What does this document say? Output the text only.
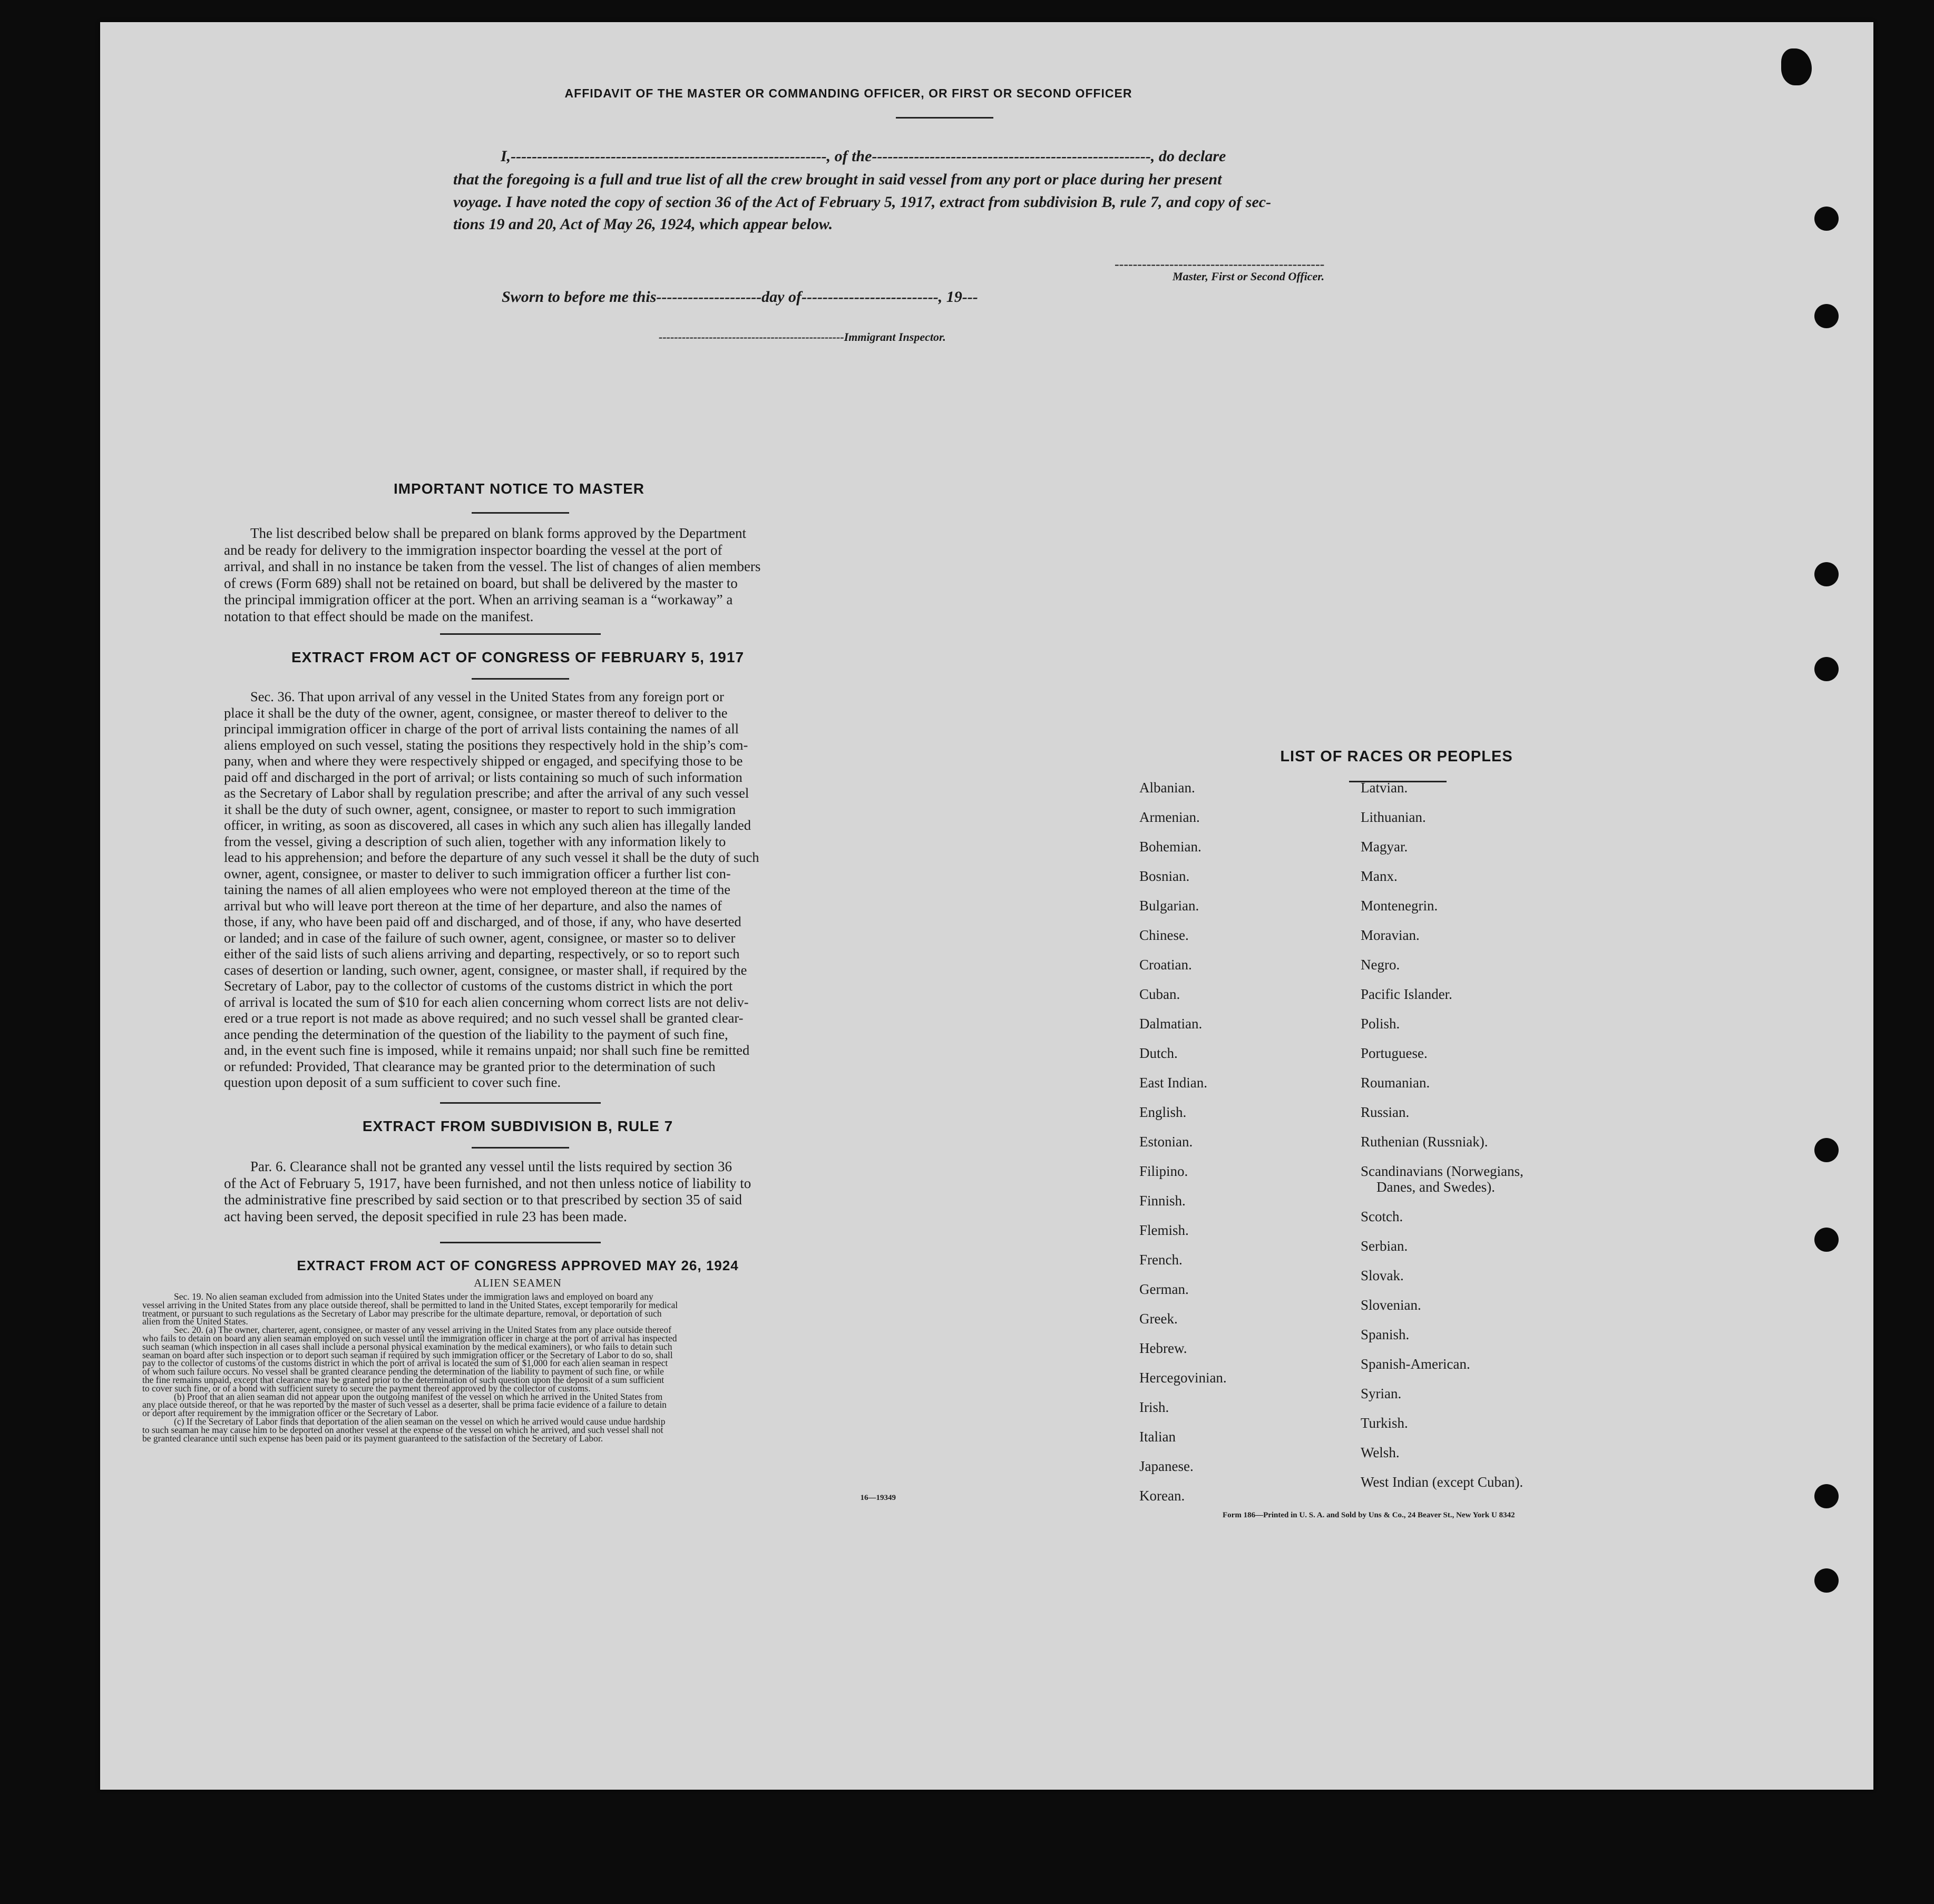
AFFIDAVIT OF THE MASTER OR COMMANDING OFFICER, OR FIRST OR SECOND OFFICER
I,------------------------------------------------------------, of the-----------------------------------------------------, do declare
that the foregoing is a full and true list of all the crew brought in said vessel from any port or place during her present
voyage. I have noted the copy of section 36 of the Act of February 5, 1917, extract from subdivision B, rule 7, and copy of sec-
tions 19 and 20, Act of May 26, 1924, which appear below.
----------------------------------------------
Master, First or Second Officer.
Sworn to before me this--------------------day of--------------------------, 19---
------------------------------------------------Immigrant Inspector.
IMPORTANT NOTICE TO MASTER
The list described below shall be prepared on blank forms approved by the Department
and be ready for delivery to the immigration inspector boarding the vessel at the port of
arrival, and shall in no instance be taken from the vessel. The list of changes of alien members
of crews (Form 689) shall not be retained on board, but shall be delivered by the master to
the principal immigration officer at the port. When an arriving seaman is a “workaway” a
notation to that effect should be made on the manifest.
EXTRACT FROM ACT OF CONGRESS OF FEBRUARY 5, 1917
Sec. 36. That upon arrival of any vessel in the United States from any foreign port or
place it shall be the duty of the owner, agent, consignee, or master thereof to deliver to the
principal immigration officer in charge of the port of arrival lists containing the names of all
aliens employed on such vessel, stating the positions they respectively hold in the ship’s com-
pany, when and where they were respectively shipped or engaged, and specifying those to be
paid off and discharged in the port of arrival; or lists containing so much of such information
as the Secretary of Labor shall by regulation prescribe; and after the arrival of any such vessel
it shall be the duty of such owner, agent, consignee, or master to report to such immigration
officer, in writing, as soon as discovered, all cases in which any such alien has illegally landed
from the vessel, giving a description of such alien, together with any information likely to
lead to his apprehension; and before the departure of any such vessel it shall be the duty of such
owner, agent, consignee, or master to deliver to such immigration officer a further list con-
taining the names of all alien employees who were not employed thereon at the time of the
arrival but who will leave port thereon at the time of her departure, and also the names of
those, if any, who have been paid off and discharged, and of those, if any, who have deserted
or landed; and in case of the failure of such owner, agent, consignee, or master so to deliver
either of the said lists of such aliens arriving and departing, respectively, or so to report such
cases of desertion or landing, such owner, agent, consignee, or master shall, if required by the
Secretary of Labor, pay to the collector of customs of the customs district in which the port
of arrival is located the sum of $10 for each alien concerning whom correct lists are not deliv-
ered or a true report is not made as above required; and no such vessel shall be granted clear-
ance pending the determination of the question of the liability to the payment of such fine,
and, in the event such fine is imposed, while it remains unpaid; nor shall such fine be remitted
or refunded: Provided, That clearance may be granted prior to the determination of such
question upon deposit of a sum sufficient to cover such fine.
EXTRACT FROM SUBDIVISION B, RULE 7
Par. 6. Clearance shall not be granted any vessel until the lists required by section 36
of the Act of February 5, 1917, have been furnished, and not then unless notice of liability to
the administrative fine prescribed by said section or to that prescribed by section 35 of said
act having been served, the deposit specified in rule 23 has been made.
EXTRACT FROM ACT OF CONGRESS APPROVED MAY 26, 1924
ALIEN SEAMEN
Sec. 19. No alien seaman excluded from admission into the United States under the immigration laws and employed on board any
vessel arriving in the United States from any place outside thereof, shall be permitted to land in the United States, except temporarily for medical
treatment, or pursuant to such regulations as the Secretary of Labor may prescribe for the ultimate departure, removal, or deportation of such
alien from the United States.
Sec. 20. (a) The owner, charterer, agent, consignee, or master of any vessel arriving in the United States from any place outside thereof
who fails to detain on board any alien seaman employed on such vessel until the immigration officer in charge at the port of arrival has inspected
such seaman (which inspection in all cases shall include a personal physical examination by the medical examiners), or who fails to detain such
seaman on board after such inspection or to deport such seaman if required by such immigration officer or the Secretary of Labor to do so, shall
pay to the collector of customs of the customs district in which the port of arrival is located the sum of $1,000 for each alien seaman in respect
of whom such failure occurs. No vessel shall be granted clearance pending the determination of the liability to payment of such fine, or while
the fine remains unpaid, except that clearance may be granted prior to the determination of such question upon the deposit of a sum sufficient
to cover such fine, or of a bond with sufficient surety to secure the payment thereof approved by the collector of customs.
(b) Proof that an alien seaman did not appear upon the outgoing manifest of the vessel on which he arrived in the United States from
any place outside thereof, or that he was reported by the master of such vessel as a deserter, shall be prima facie evidence of a failure to detain
or deport after requirement by the immigration officer or the Secretary of Labor.
(c) If the Secretary of Labor finds that deportation of the alien seaman on the vessel on which he arrived would cause undue hardship
to such seaman he may cause him to be deported on another vessel at the expense of the vessel on which he arrived, and such vessel shall not
be granted clearance until such expense has been paid or its payment guaranteed to the satisfaction of the Secretary of Labor.
16—19349
LIST OF RACES OR PEOPLES
Albanian.
Armenian.
Bohemian.
Bosnian.
Bulgarian.
Chinese.
Croatian.
Cuban.
Dalmatian.
Dutch.
East Indian.
English.
Estonian.
Filipino.
Finnish.
Flemish.
French.
German.
Greek.
Hebrew.
Hercegovinian.
Irish.
Italian
Japanese.
Korean.
Latvian.
Lithuanian.
Magyar.
Manx.
Montenegrin.
Moravian.
Negro.
Pacific Islander.
Polish.
Portuguese.
Roumanian.
Russian.
Ruthenian (Russniak).
Scandinavians (Norwegians,
Danes, and Swedes).
Scotch.
Serbian.
Slovak.
Slovenian.
Spanish.
Spanish-American.
Syrian.
Turkish.
Welsh.
West Indian (except Cuban).
Form 186—Printed in U. S. A. and Sold by Uns & Co., 24 Beaver St., New York U 8342
